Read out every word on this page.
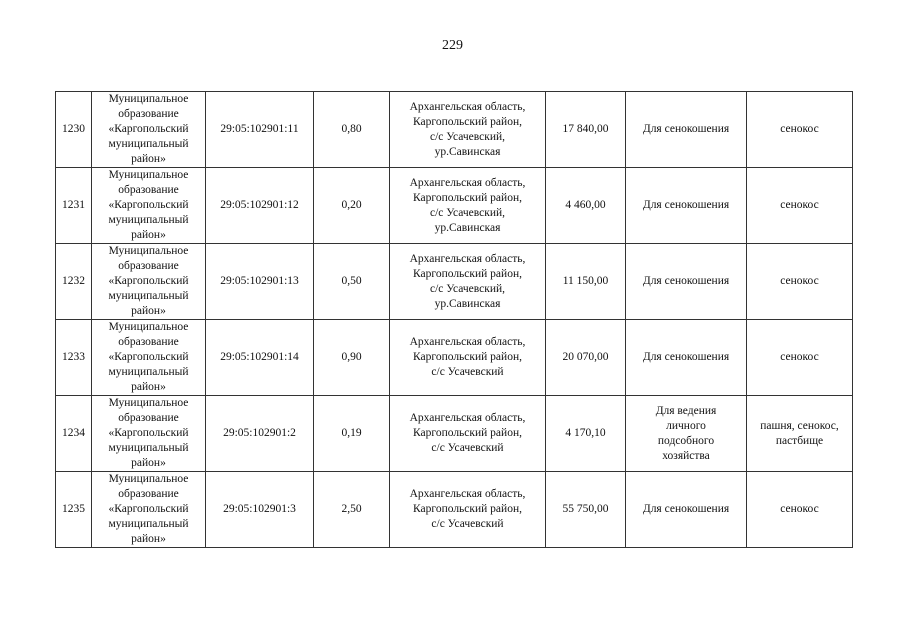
229
1230	Муниципальное
образование
«Каргопольский
муниципальный
район»	29:05:102901:11	0,80	Архангельская область,
Каргопольский район,
с/с Усачевский,
ур.Савинская	17 840,00	Для сенокошения	сенокос
1231	Муниципальное
образование
«Каргопольский
муниципальный
район»	29:05:102901:12	0,20	Архангельская область,
Каргопольский район,
с/с Усачевский,
ур.Савинская	4 460,00	Для сенокошения	сенокос
1232	Муниципальное
образование
«Каргопольский
муниципальный
район»	29:05:102901:13	0,50	Архангельская область,
Каргопольский район,
с/с Усачевский,
ур.Савинская	11 150,00	Для сенокошения	сенокос
1233	Муниципальное
образование
«Каргопольский
муниципальный
район»	29:05:102901:14	0,90	Архангельская область,
Каргопольский район,
с/с Усачевский	20 070,00	Для сенокошения	сенокос
1234	Муниципальное
образование
«Каргопольский
муниципальный
район»	29:05:102901:2	0,19	Архангельская область,
Каргопольский район,
с/с Усачевский	4 170,10	Для ведения
личного
подсобного
хозяйства	пашня, сенокос,
пастбище
1235	Муниципальное
образование
«Каргопольский
муниципальный
район»	29:05:102901:3	2,50	Архангельская область,
Каргопольский район,
с/с Усачевский	55 750,00	Для сенокошения	сенокос
